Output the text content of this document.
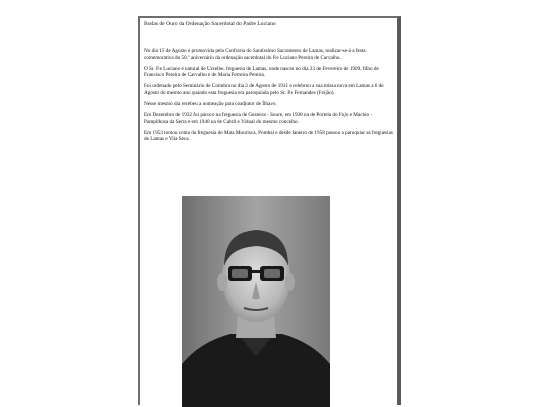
Bodas de Ouro da Ordenação Sacerdotal do Padre Luciano

No dia 15 de Agosto e promovida pela Confraria do Santíssimo Sacramento de Lamas, realizar-se-á a festa comemorativa do 50.º aniversário da ordenação sacerdotal do P.e Luciano Pereira de Carvalho.

O Sr. P.e Luciano é natural de Urzelhe, freguesia de Lamas, onde nasceu no dia 23 de Fevereiro de 1909, filho de Francisco Pereira de Carvalho e de Maria Ferreira Pereira.

Foi ordenado pelo Seminário de Coimbra no dia 2 de Agosto de 1931 e celebrou a sua missa nova em Lamas a 6 de Agosto do mesmo ano quando esta freguesia era paroquiada pelo Sr. P.e Fernandes (Feijão).

Nesse mesmo dia recebeu a nomeação para coadjutor de Ílhavo.

Em Dezembro de 1932 foi pároco na freguesia de Gesteira - Soure, em 1938 na de Portela do Fojo e Machio - Pampilhosa da Serra e em 1940 na de Cabril e Vidual do mesmo concelho.

Em 1953 tomou conta da freguesia de Mata Mourisca, Pombal e desde Janeiro de 1958 passou a paroquiar as freguesias de Lamas e Vila Seca.
